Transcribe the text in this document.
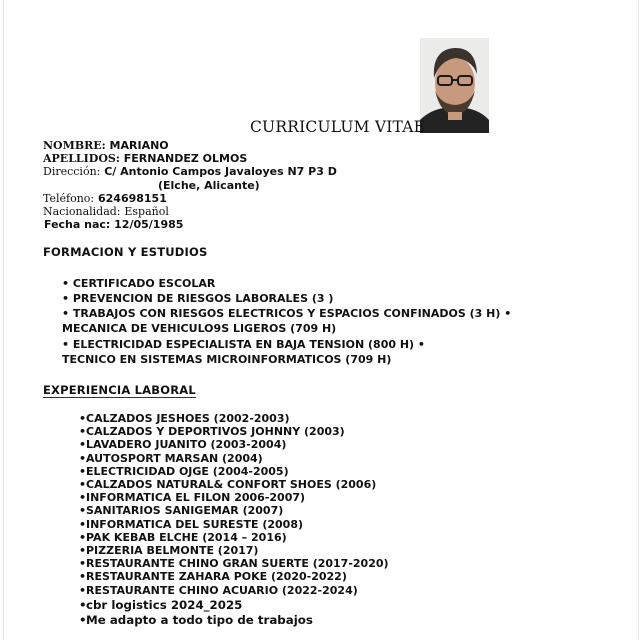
CURRICULUM VITAE
NOMBRE: MARIANO
APELLIDOS: FERNANDEZ OLMOS
Dirección: C/ Antonio Campos Javaloyes N7 P3 D
(Elche, Alicante)
Teléfono: 624698151
Nacionalidad: Español
Fecha nac: 12/05/1985
FORMACION Y ESTUDIOS
• CERTIFICADO ESCOLAR
• PREVENCION DE RIESGOS LABORALES (3 )
• TRABAJOS CON RIESGOS ELECTRICOS Y ESPACIOS CONFINADOS (3 H) •
MECANICA DE VEHICULO9S LIGEROS (709 H)
• ELECTRICIDAD ESPECIALISTA EN BAJA TENSION (800 H) •
TECNICO EN SISTEMAS MICROINFORMATICOS (709 H)
EXPERIENCIA LABORAL
•CALZADOS JESHOES (2002-2003)
•CALZADOS Y DEPORTIVOS JOHNNY (2003)
•LAVADERO JUANITO (2003-2004)
•AUTOSPORT MARSAN (2004)
•ELECTRICIDAD OJGE (2004-2005)
•CALZADOS NATURAL& CONFORT SHOES (2006)
•INFORMATICA EL FILON 2006-2007)
•SANITARIOS SANIGEMAR (2007)
•INFORMATICA DEL SURESTE (2008)
•PAK KEBAB ELCHE (2014 – 2016)
•PIZZERIA BELMONTE (2017)
•RESTAURANTE CHINO GRAN SUERTE (2017-2020)
•RESTAURANTE ZAHARA POKE (2020-2022)
•RESTAURANTE CHINO ACUARIO (2022-2024)
•cbr logistics 2024_2025
•Me adapto a todo tipo de trabajos
